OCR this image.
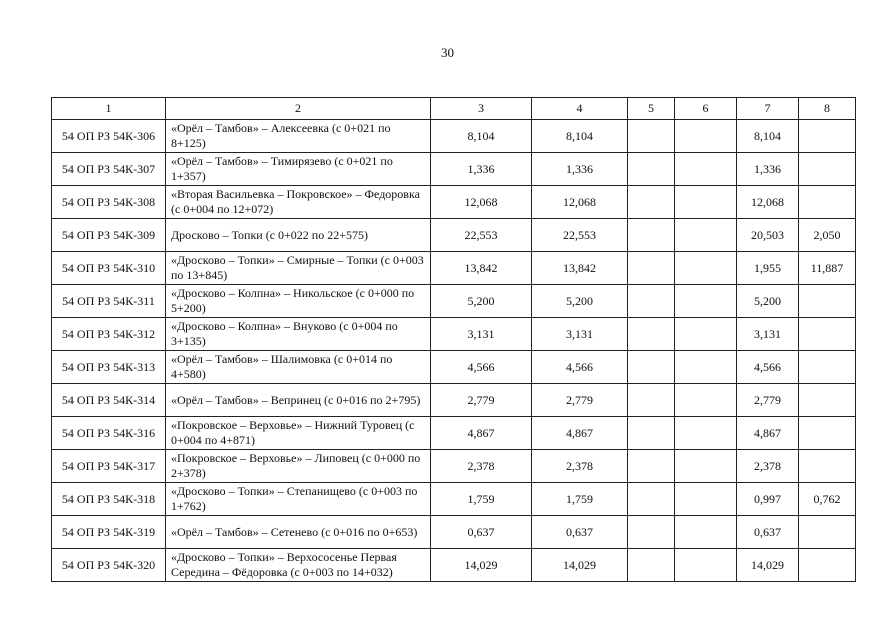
30
1	2	3	4	5	6	7	8
54 ОП РЗ 54К-306	«Орёл – Тамбов» – Алексеевка (с 0+021 по 8+125)	8,104	8,104			8,104	
54 ОП РЗ 54К-307	«Орёл – Тамбов» – Тимирязево (с 0+021 по 1+357)	1,336	1,336			1,336	
54 ОП РЗ 54К-308	«Вторая Васильевка – Покровское» – Федоровка (с 0+004 по 12+072)	12,068	12,068			12,068	
54 ОП РЗ 54К-309	Дросково – Топки (с 0+022 по 22+575)	22,553	22,553			20,503	2,050
54 ОП РЗ 54К-310	«Дросково – Топки» – Смирные – Топки (с 0+003 по 13+845)	13,842	13,842			1,955	11,887
54 ОП РЗ 54К-311	«Дросково – Колпна» – Никольское (с 0+000 по 5+200)	5,200	5,200			5,200	
54 ОП РЗ 54К-312	«Дросково – Колпна» – Внуково (с 0+004 по 3+135)	3,131	3,131			3,131	
54 ОП РЗ 54К-313	«Орёл – Тамбов» – Шалимовка (с 0+014 по 4+580)	4,566	4,566			4,566	
54 ОП РЗ 54К-314	«Орёл – Тамбов» – Вепринец (с 0+016 по 2+795)	2,779	2,779			2,779	
54 ОП РЗ 54К-316	«Покровское – Верховье» – Нижний Туровец (с 0+004 по 4+871)	4,867	4,867			4,867	
54 ОП РЗ 54К-317	«Покровское – Верховье» – Липовец (с 0+000 по 2+378)	2,378	2,378			2,378	
54 ОП РЗ 54К-318	«Дросково – Топки» – Степанищево (с 0+003 по 1+762)	1,759	1,759			0,997	0,762
54 ОП РЗ 54К-319	«Орёл – Тамбов» – Сетенево (с 0+016 по 0+653)	0,637	0,637			0,637	
54 ОП РЗ 54К-320	«Дросково – Топки» – Верхососенье Первая Середина – Фёдоровка (с 0+003 по 14+032)	14,029	14,029			14,029	
